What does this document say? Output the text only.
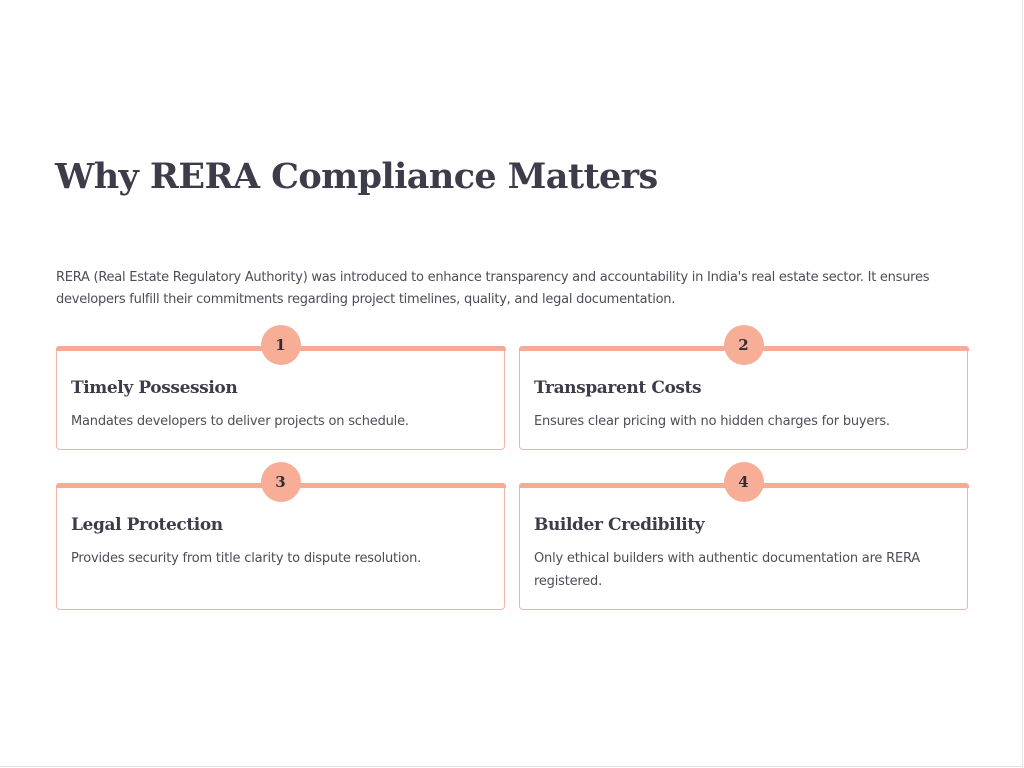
Why RERA Compliance Matters

RERA (Real Estate Regulatory Authority) was introduced to enhance transparency and accountability in India's real estate sector. It ensures developers fulfill their commitments regarding project timelines, quality, and legal documentation.

1
Timely Possession

Mandates developers to deliver projects on schedule.

2
Transparent Costs

Ensures clear pricing with no hidden charges for buyers.

3
Legal Protection

Provides security from title clarity to dispute resolution.

4
Builder Credibility

Only ethical builders with authentic documentation are RERA registered.
